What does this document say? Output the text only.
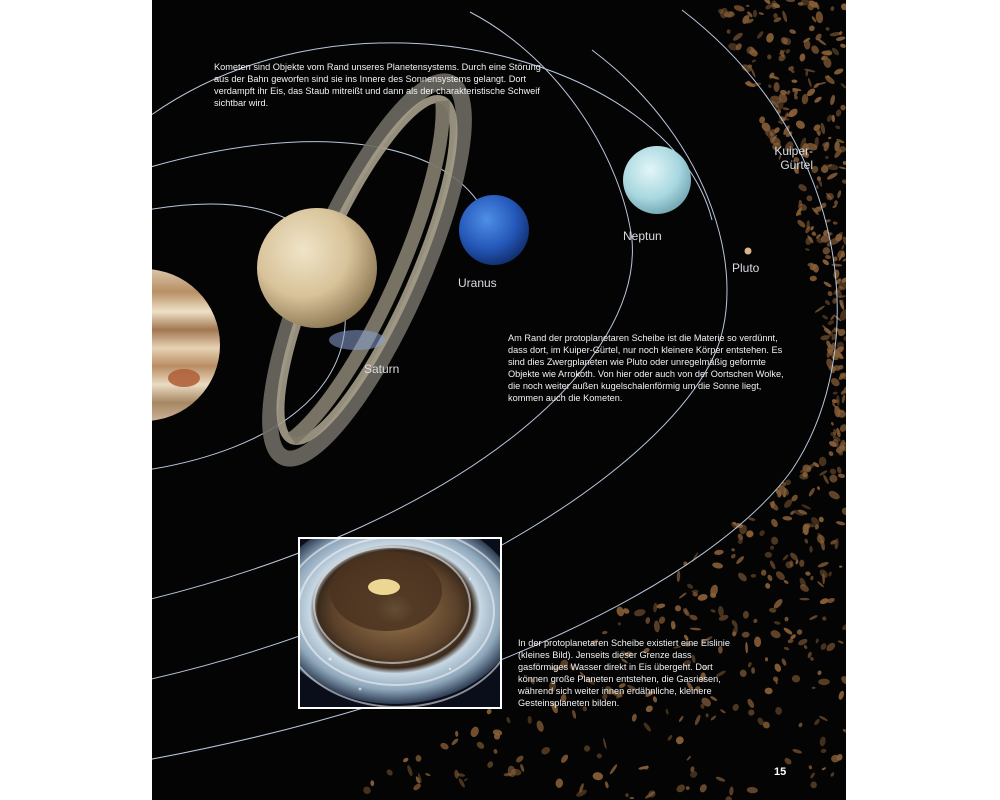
Kometen sind Objekte vom Rand unseres Planetensystems. Durch eine Störung aus der Bahn geworfen sind sie ins Innere des Sonnensystems gelangt. Dort verdampft ihr Eis, das Staub mitreißt und dann als der charakteristische Schweif sichtbar wird.

Am Rand der protoplanetaren Scheibe ist die Materie so verdünnt, dass dort, im Kuiper-Gürtel, nur noch kleinere Körper entstehen. Es sind dies Zwergplaneten wie Pluto oder unregelmäßig geformte Objekte wie Arrokoth. Von hier oder auch von der Oortschen Wolke, die noch weiter außen kugelschalenförmig um die Sonne liegt, kommen auch die Kometen.

In der protoplanetaren Scheibe existiert eine Eislinie (kleines Bild). Jenseits dieser Grenze dass gasförmiges Wasser direkt in Eis übergeht. Dort können große Planeten entstehen, die Gasriesen, während sich weiter innen erdähnliche, kleinere Gesteinsplaneten bilden.

Saturn

Uranus

Neptun

Pluto

Kuiper-
Gürtel

15
